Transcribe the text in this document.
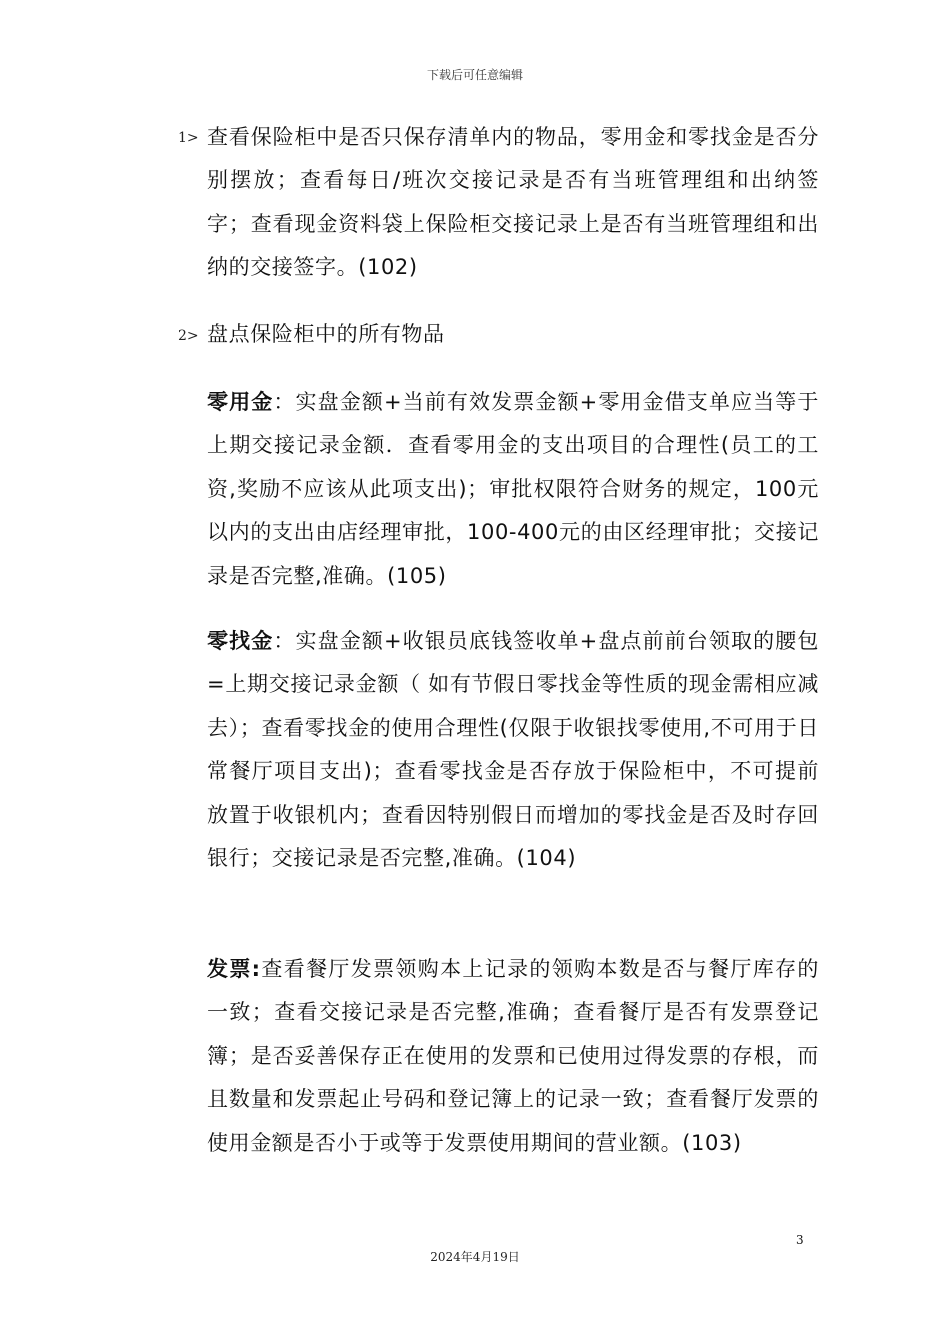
下载后可任意编辑
1> 查看保险柜中是否只保存清单内的物品，零用金和零找金是否分别摆放；查看每日/班次交接记录是否有当班管理组和出纳签字；查看现金资料袋上保险柜交接记录上是否有当班管理组和出纳的交接签字。(102)
2> 盘点保险柜中的所有物品
零用金：实盘金额+当前有效发票金额+零用金借支单应当等于上期交接记录金额．查看零用金的支出项目的合理性(员工的工资,奖励不应该从此项支出)；审批权限符合财务的规定，100元以内的支出由店经理审批，100-400元的由区经理审批；交接记录是否完整,准确。(105)
零找金：实盘金额+收银员底钱签收单+盘点前前台领取的腰包=上期交接记录金额（ 如有节假日零找金等性质的现金需相应减去）；查看零找金的使用合理性(仅限于收银找零使用,不可用于日常餐厅项目支出)；查看零找金是否存放于保险柜中，不可提前放置于收银机内；查看因特别假日而增加的零找金是否及时存回银行；交接记录是否完整,准确。(104)
发票:查看餐厅发票领购本上记录的领购本数是否与餐厅库存的一致；查看交接记录是否完整,准确；查看餐厅是否有发票登记簿；是否妥善保存正在使用的发票和已使用过得发票的存根，而且数量和发票起止号码和登记簿上的记录一致；查看餐厅发票的使用金额是否小于或等于发票使用期间的营业额。(103)
3
2024年4月19日
